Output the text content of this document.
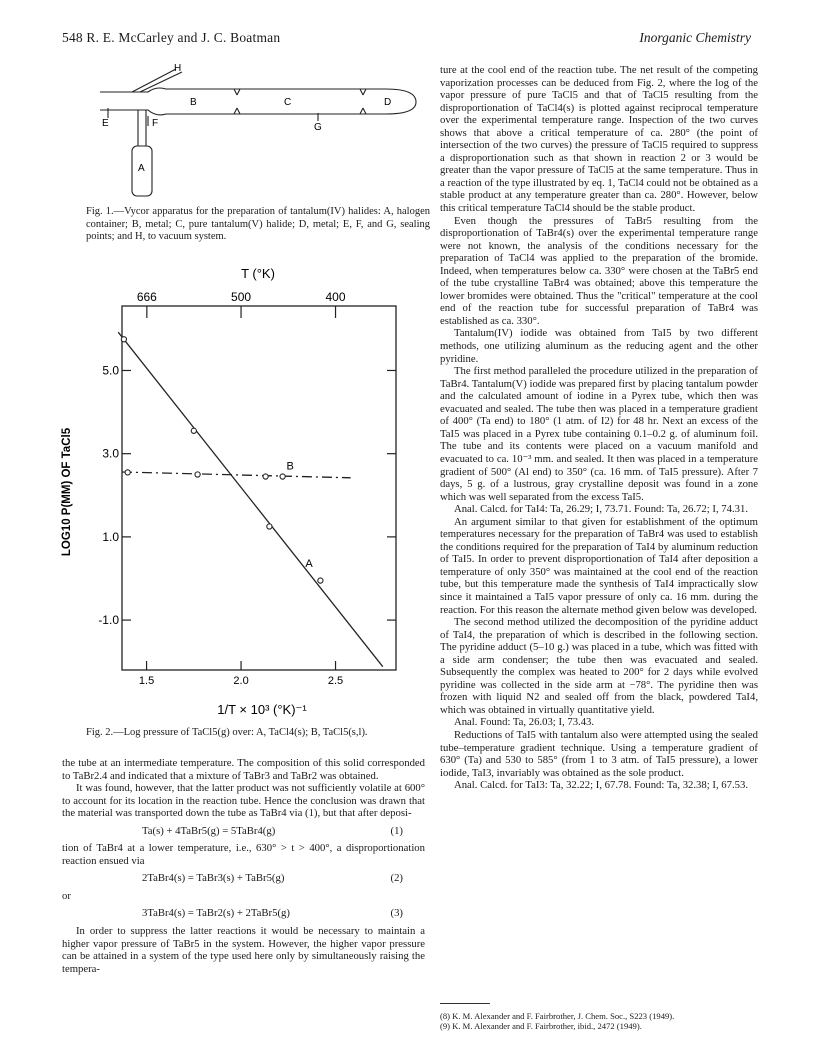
548 R. E. McCarley and J. C. Boatman	Inorganic Chemistry
H
B	C	D
E	F	G
A
Fig. 1.—Vycor apparatus for the preparation of tantalum(IV) halides: A, halogen container; B, metal; C, pure tantalum(V) halide; D, metal; E, F, and G, sealing points; and H, to vacuum system.
T (°K)
LOG10 P(MM) OF TaCl5
1/T × 10³ (°K)⁻¹
5.0
3.0
1.0
-1.0
1.5	2.0	2.5
666	500	400
A
B
Fig. 2.—Log pressure of TaCl5(g) over: A, TaCl4(s); B, TaCl5(s,l).

the tube at an intermediate temperature. The composition of this solid corresponded to TaBr2.4 and indicated that a mixture of TaBr3 and TaBr2 was obtained.

It was found, however, that the latter product was not sufficiently volatile at 600° to account for its location in the reaction tube. Hence the conclusion was drawn that the material was transported down the tube as TaBr4 via (1), but that after deposi-

Ta(s) + 4TaBr5(g) = 5TaBr4(g)	(1)

tion of TaBr4 at a lower temperature, i.e., 630° > t > 400°, a disproportionation reaction ensued via

2TaBr4(s) = TaBr3(s) + TaBr5(g)	(2)
or
3TaBr4(s) = TaBr2(s) + 2TaBr5(g)	(3)

In order to suppress the latter reactions it would be necessary to maintain a higher vapor pressure of TaBr5 in the system. However, the higher vapor pressure can be attained in a system of the type used here only by simultaneously raising the tempera-

ture at the cool end of the reaction tube. The net result of the competing vaporization processes can be deduced from Fig. 2, where the log of the vapor pressure of pure TaCl5 and that of TaCl5 resulting from the disproportionation of TaCl4(s) is plotted against reciprocal temperature over the experimental temperature range. Inspection of the two curves shows that above a critical temperature of ca. 280° (the point of intersection of the two curves) the pressure of TaCl5 required to suppress a disproportionation such as that shown in reaction 2 or 3 would be greater than the vapor pressure of TaCl5 at the same temperature. Thus in a reaction of the type illustrated by eq. 1, TaCl4 could not be obtained as a stable product at any temperature greater than ca. 280°. However, below this critical temperature TaCl4 should be the stable product.

Even though the pressures of TaBr5 resulting from the disproportionation of TaBr4(s) over the experimental temperature range were not known, the analysis of the conditions necessary for the preparation of TaCl4 was applied to the preparation of the bromide. Indeed, when temperatures below ca. 330° were chosen at the TaBr5 end of the tube crystalline TaBr4 was obtained; above this temperature the lower bromides were obtained. Thus the "critical" temperature at the cool end of the reaction tube for successful preparation of TaBr4 was established as ca. 330°.

Tantalum(IV) iodide was obtained from TaI5 by two different methods, one utilizing aluminum as the reducing agent and the other pyridine.

The first method paralleled the procedure utilized in the preparation of TaBr4. Tantalum(V) iodide was prepared first by placing tantalum powder and the calculated amount of iodine in a Pyrex tube, which then was evacuated and sealed. The tube then was placed in a temperature gradient of 400° (Ta end) to 180° (1 atm. of I2) for 48 hr. Next an excess of the TaI5 was placed in a Pyrex tube containing 0.1–0.2 g. of aluminum foil. The tube and its contents were placed on a vacuum manifold and evacuated to ca. 10⁻³ mm. and sealed. It then was placed in a temperature gradient of 500° (Al end) to 350° (ca. 16 mm. of TaI5 pressure). After 7 days, 5 g. of a lustrous, gray crystalline deposit was found in a zone which was well separated from the excess TaI5.

Anal. Calcd. for TaI4: Ta, 26.29; I, 73.71. Found: Ta, 26.72; I, 74.31.

An argument similar to that given for establishment of the optimum temperatures necessary for the preparation of TaBr4 was used to establish the conditions required for the preparation of TaI4 by aluminum reduction of TaI5. In order to prevent disproportionation of TaI4 after deposition a temperature of only 350° was maintained at the cool end of the reaction tube, but this temperature made the synthesis of TaI4 impractically slow since it maintained a TaI5 vapor pressure of only ca. 16 mm. during the reaction. For this reason the alternate method given below was developed.

The second method utilized the decomposition of the pyridine adduct of TaI4, the preparation of which is described in the following section. The pyridine adduct (5–10 g.) was placed in a tube, which was fitted with a side arm condenser; the tube then was evacuated and sealed. Subsequently the complex was heated to 200° for 2 days while evolved pyridine was collected in the side arm at −78°. The pyridine then was frozen with liquid N2 and sealed off from the black, powdered TaI4, which was obtained in virtually quantitative yield.

Anal. Found: Ta, 26.03; I, 73.43.

Reductions of TaI5 with tantalum also were attempted using the sealed tube–temperature gradient technique. Using a temperature gradient of 630° (Ta) and 530 to 585° (from 1 to 3 atm. of TaI5 pressure), a lower iodide, TaI3, invariably was obtained as the sole product.

Anal. Calcd. for TaI3: Ta, 32.22; I, 67.78. Found: Ta, 32.38; I, 67.53.

(8) K. M. Alexander and F. Fairbrother, J. Chem. Soc., S223 (1949).
(9) K. M. Alexander and F. Fairbrother, ibid., 2472 (1949).
